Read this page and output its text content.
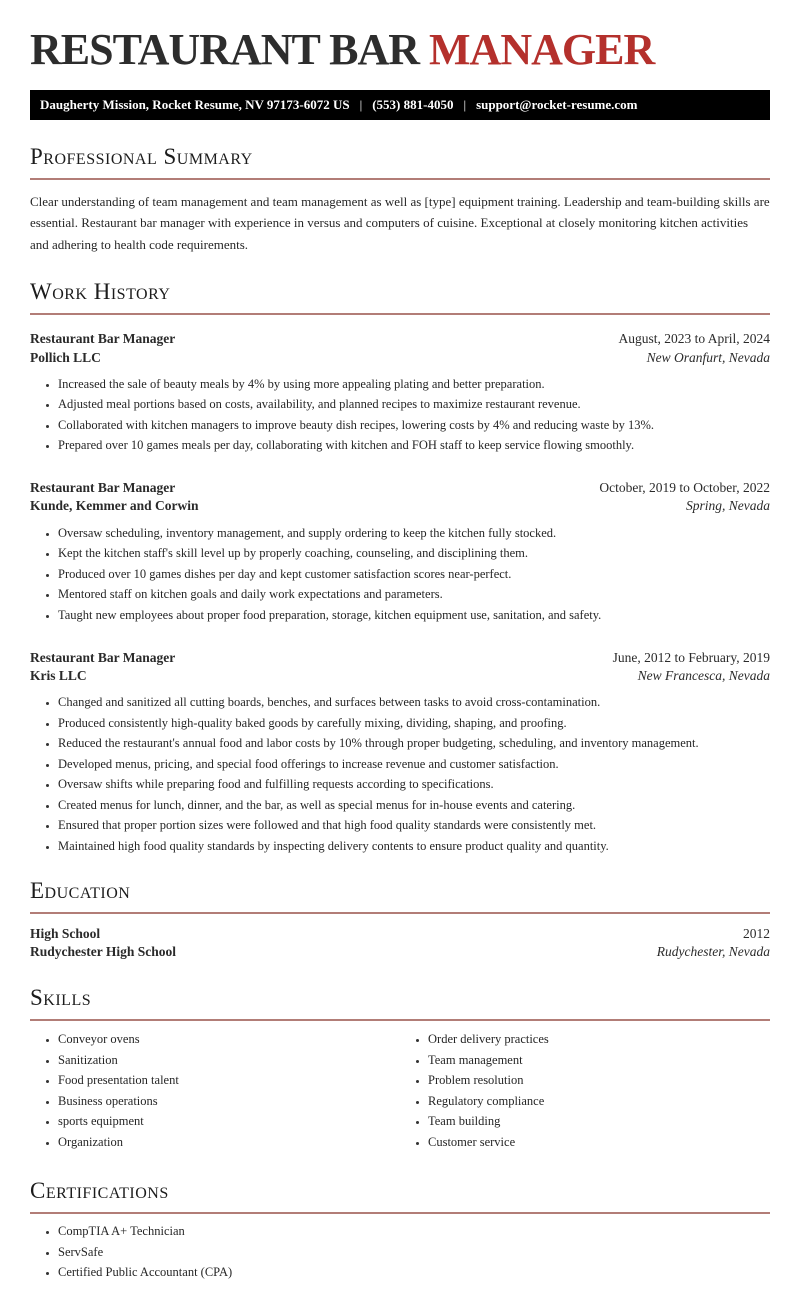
RESTAURANT BAR MANAGER
Daugherty Mission, Rocket Resume, NV 97173-6072 US | (553) 881-4050 | support@rocket-resume.com
Professional Summary

Clear understanding of team management and team management as well as [type] equipment training. Leadership and team-building skills are essential. Restaurant bar manager with experience in versus and computers of cuisine. Exceptional at closely monitoring kitchen activities and adhering to health code requirements.

Work History
Restaurant Bar Manager
Pollich LLC
August, 2023 to April, 2024
New Oranfurt, Nevada
• Increased the sale of beauty meals by 4% by using more appealing plating and better preparation.
• Adjusted meal portions based on costs, availability, and planned recipes to maximize restaurant revenue.
• Collaborated with kitchen managers to improve beauty dish recipes, lowering costs by 4% and reducing waste by 13%.
• Prepared over 10 games meals per day, collaborating with kitchen and FOH staff to keep service flowing smoothly.
Restaurant Bar Manager
Kunde, Kemmer and Corwin
October, 2019 to October, 2022
Spring, Nevada
• Oversaw scheduling, inventory management, and supply ordering to keep the kitchen fully stocked.
• Kept the kitchen staff's skill level up by properly coaching, counseling, and disciplining them.
• Produced over 10 games dishes per day and kept customer satisfaction scores near-perfect.
• Mentored staff on kitchen goals and daily work expectations and parameters.
• Taught new employees about proper food preparation, storage, kitchen equipment use, sanitation, and safety.
Restaurant Bar Manager
Kris LLC
June, 2012 to February, 2019
New Francesca, Nevada
• Changed and sanitized all cutting boards, benches, and surfaces between tasks to avoid cross-contamination.
• Produced consistently high-quality baked goods by carefully mixing, dividing, shaping, and proofing.
• Reduced the restaurant's annual food and labor costs by 10% through proper budgeting, scheduling, and inventory management.
• Developed menus, pricing, and special food offerings to increase revenue and customer satisfaction.
• Oversaw shifts while preparing food and fulfilling requests according to specifications.
• Created menus for lunch, dinner, and the bar, as well as special menus for in-house events and catering.
• Ensured that proper portion sizes were followed and that high food quality standards were consistently met.
• Maintained high food quality standards by inspecting delivery contents to ensure product quality and quantity.
Education
High School
Rudychester High School
2012
Rudychester, Nevada
Skills
• Conveyor ovens
• Sanitization
• Food presentation talent
• Business operations
• sports equipment
• Organization
• Order delivery practices
• Team management
• Problem resolution
• Regulatory compliance
• Team building
• Customer service
Certifications
• CompTIA A+ Technician
• ServSafe
• Certified Public Accountant (CPA)
